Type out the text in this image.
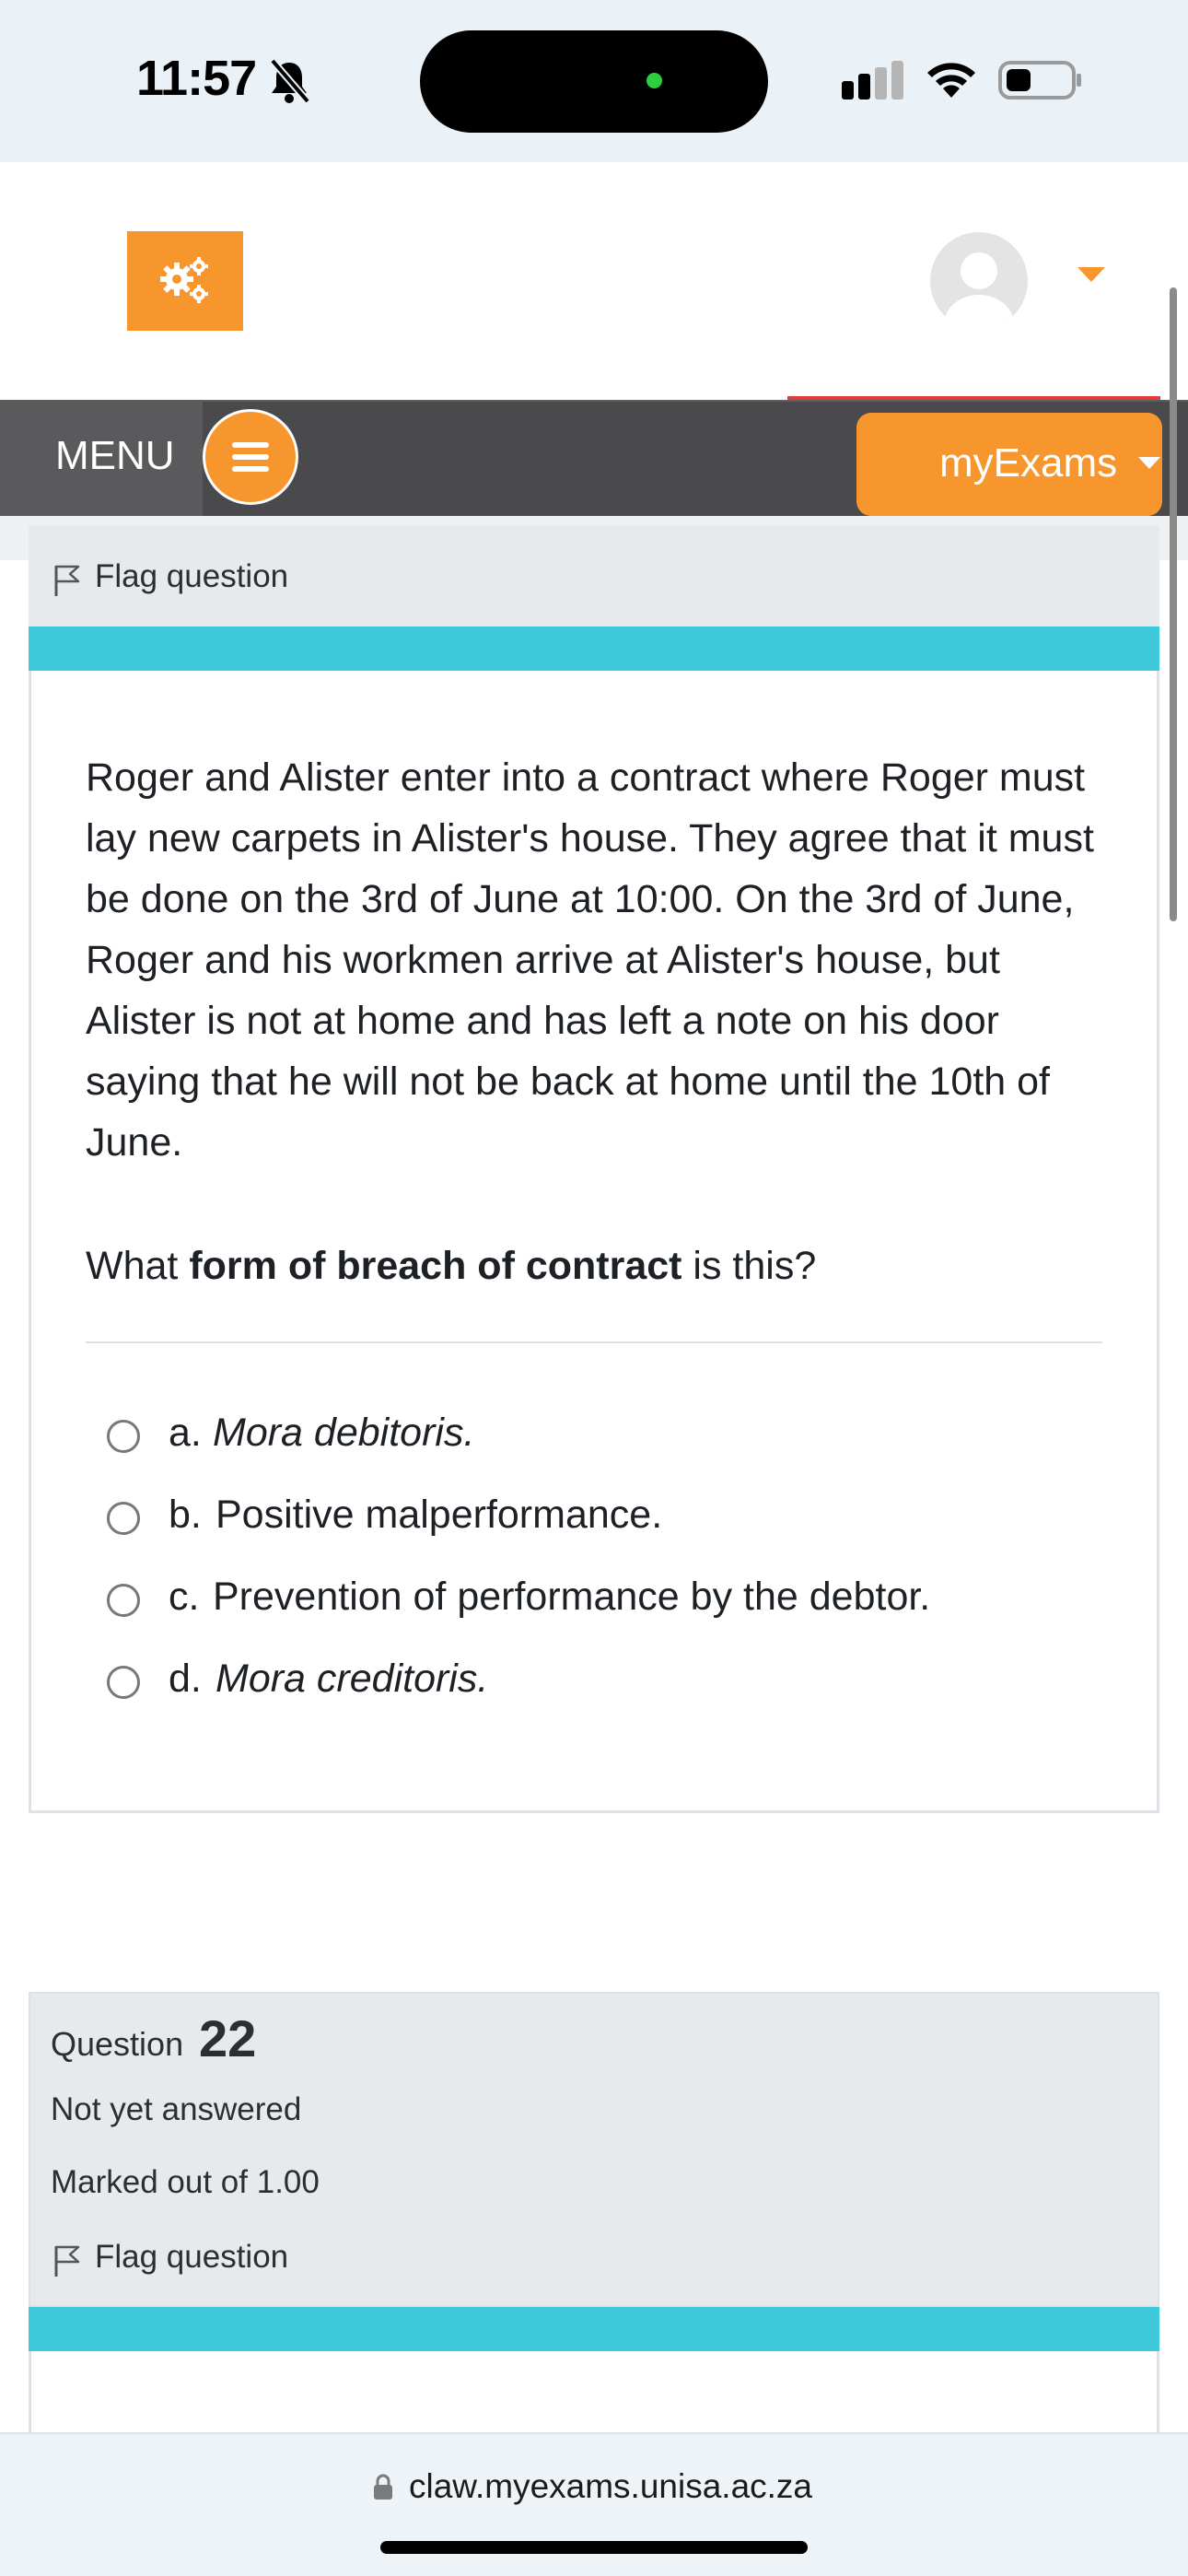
11:57
MENU	myExams
Flag question
Roger and Alister enter into a contract where Roger must lay new carpets in Alister's house. They agree that it must be done on the 3rd of June at 10:00. On the 3rd of June, Roger and his workmen arrive at Alister's house, but Alister is not at home and has left a note on his door saying that he will not be back at home until the 10th of June.
What form of breach of contract is this?
a. Mora debitoris.
b. Positive malperformance.
c. Prevention of performance by the debtor.
d. Mora creditoris.
Question 22
Not yet answered
Marked out of 1.00
Flag question
claw.myexams.unisa.ac.za
